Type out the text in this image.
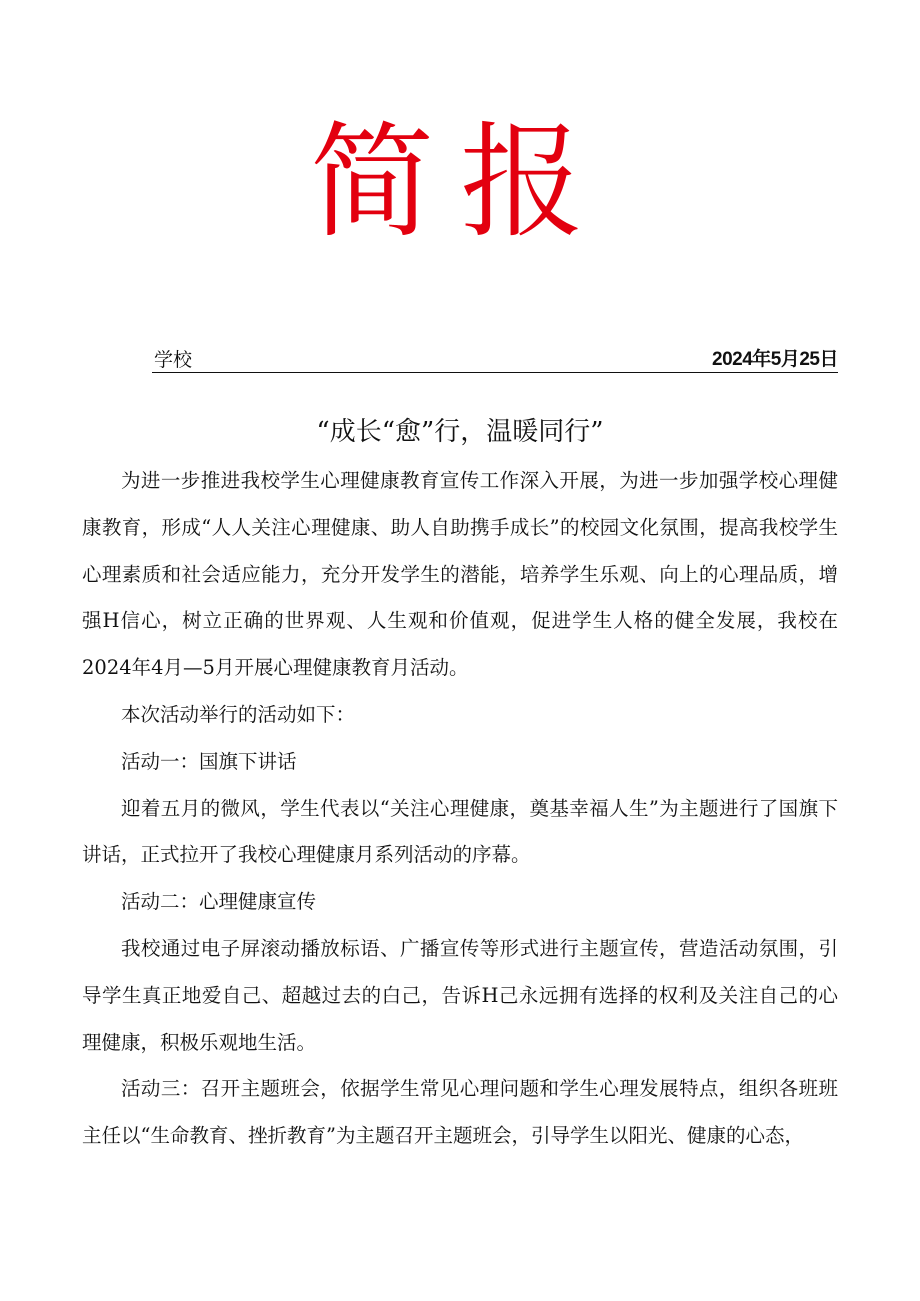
简报
学校	2024年5月25日
“成长“愈”行，温暖同行”

为进一步推进我校学生心理健康教育宣传工作深入开展，为进一步加强学校心理健康教育，形成“人人关注心理健康、助人自助携手成长”的校园文化氛围，提高我校学生心理素质和社会适应能力，充分开发学生的潜能，培养学生乐观、向上的心理品质，增强H信心，树立正确的世界观、人生观和价值观，促进学生人格的健全发展，我校在2024年4月—5月开展心理健康教育月活动。

本次活动举行的活动如下：

活动一：国旗下讲话

迎着五月的微风，学生代表以“关注心理健康，奠基幸福人生”为主题进行了国旗下讲话，正式拉开了我校心理健康月系列活动的序幕。

活动二：心理健康宣传

我校通过电子屏滚动播放标语、广播宣传等形式进行主题宣传，营造活动氛围，引导学生真正地爱自己、超越过去的白己，告诉H己永远拥有选择的权利及关注自己的心理健康，积极乐观地生活。

活动三：召开主题班会，依据学生常见心理问题和学生心理发展特点，组织各班班主任以“生命教育、挫折教育”为主题召开主题班会，引导学生以阳光、健康的心态，
